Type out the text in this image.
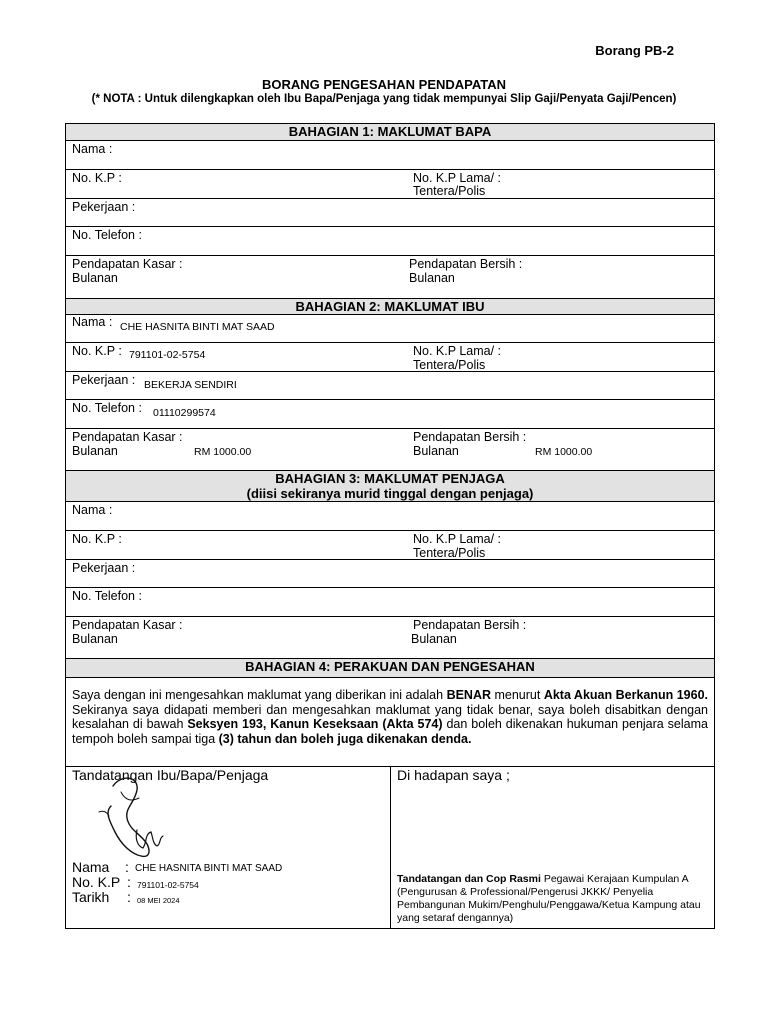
Borang PB-2
BORANG PENGESAHAN PENDAPATAN
(* NOTA : Untuk dilengkapkan oleh Ibu Bapa/Penjaga yang tidak mempunyai Slip Gaji/Penyata Gaji/Pencen)
BAHAGIAN 1: MAKLUMAT BAPA
Nama :
No. K.P :	No. K.P Lama/ :
Tentera/Polis
Pekerjaan :
No. Telefon :
Pendapatan Kasar :
Bulanan
Pendapatan Bersih :
Bulanan
BAHAGIAN 2: MAKLUMAT IBU
Nama : CHE HASNITA BINTI MAT SAAD
No. K.P : 791101-02-5754	No. K.P Lama/ :
Tentera/Polis
Pekerjaan : BEKERJA SENDIRI
No. Telefon : 01110299574
Pendapatan Kasar :
Bulanan	RM 1000.00
Pendapatan Bersih :
Bulanan	RM 1000.00
BAHAGIAN 3: MAKLUMAT PENJAGA
(diisi sekiranya murid tinggal dengan penjaga)
Nama :
No. K.P :	No. K.P Lama/ :
Tentera/Polis
Pekerjaan :
No. Telefon :
Pendapatan Kasar :
Bulanan
Pendapatan Bersih :
Bulanan
BAHAGIAN 4: PERAKUAN DAN PENGESAHAN
Saya dengan ini mengesahkan maklumat yang diberikan ini adalah BENAR menurut Akta Akuan Berkanun 1960. Sekiranya saya didapati memberi dan mengesahkan maklumat yang tidak benar, saya boleh disabitkan dengan kesalahan di bawah Seksyen 193, Kanun Keseksaan (Akta 574) dan boleh dikenakan hukuman penjara selama tempoh boleh sampai tiga (3) tahun dan boleh juga dikenakan denda.
Tandatangan Ibu/Bapa/Penjaga	Di hadapan saya ;
Nama : CHE HASNITA BINTI MAT SAAD
No. K.P : 791101-02-5754
Tarikh : 08 MEI 2024
Tandatangan dan Cop Rasmi Pegawai Kerajaan Kumpulan A (Pengurusan & Professional/Pengerusi JKKK/ Penyelia Pembangunan Mukim/Penghulu/Penggawa/Ketua Kampung atau yang setaraf dengannya)
